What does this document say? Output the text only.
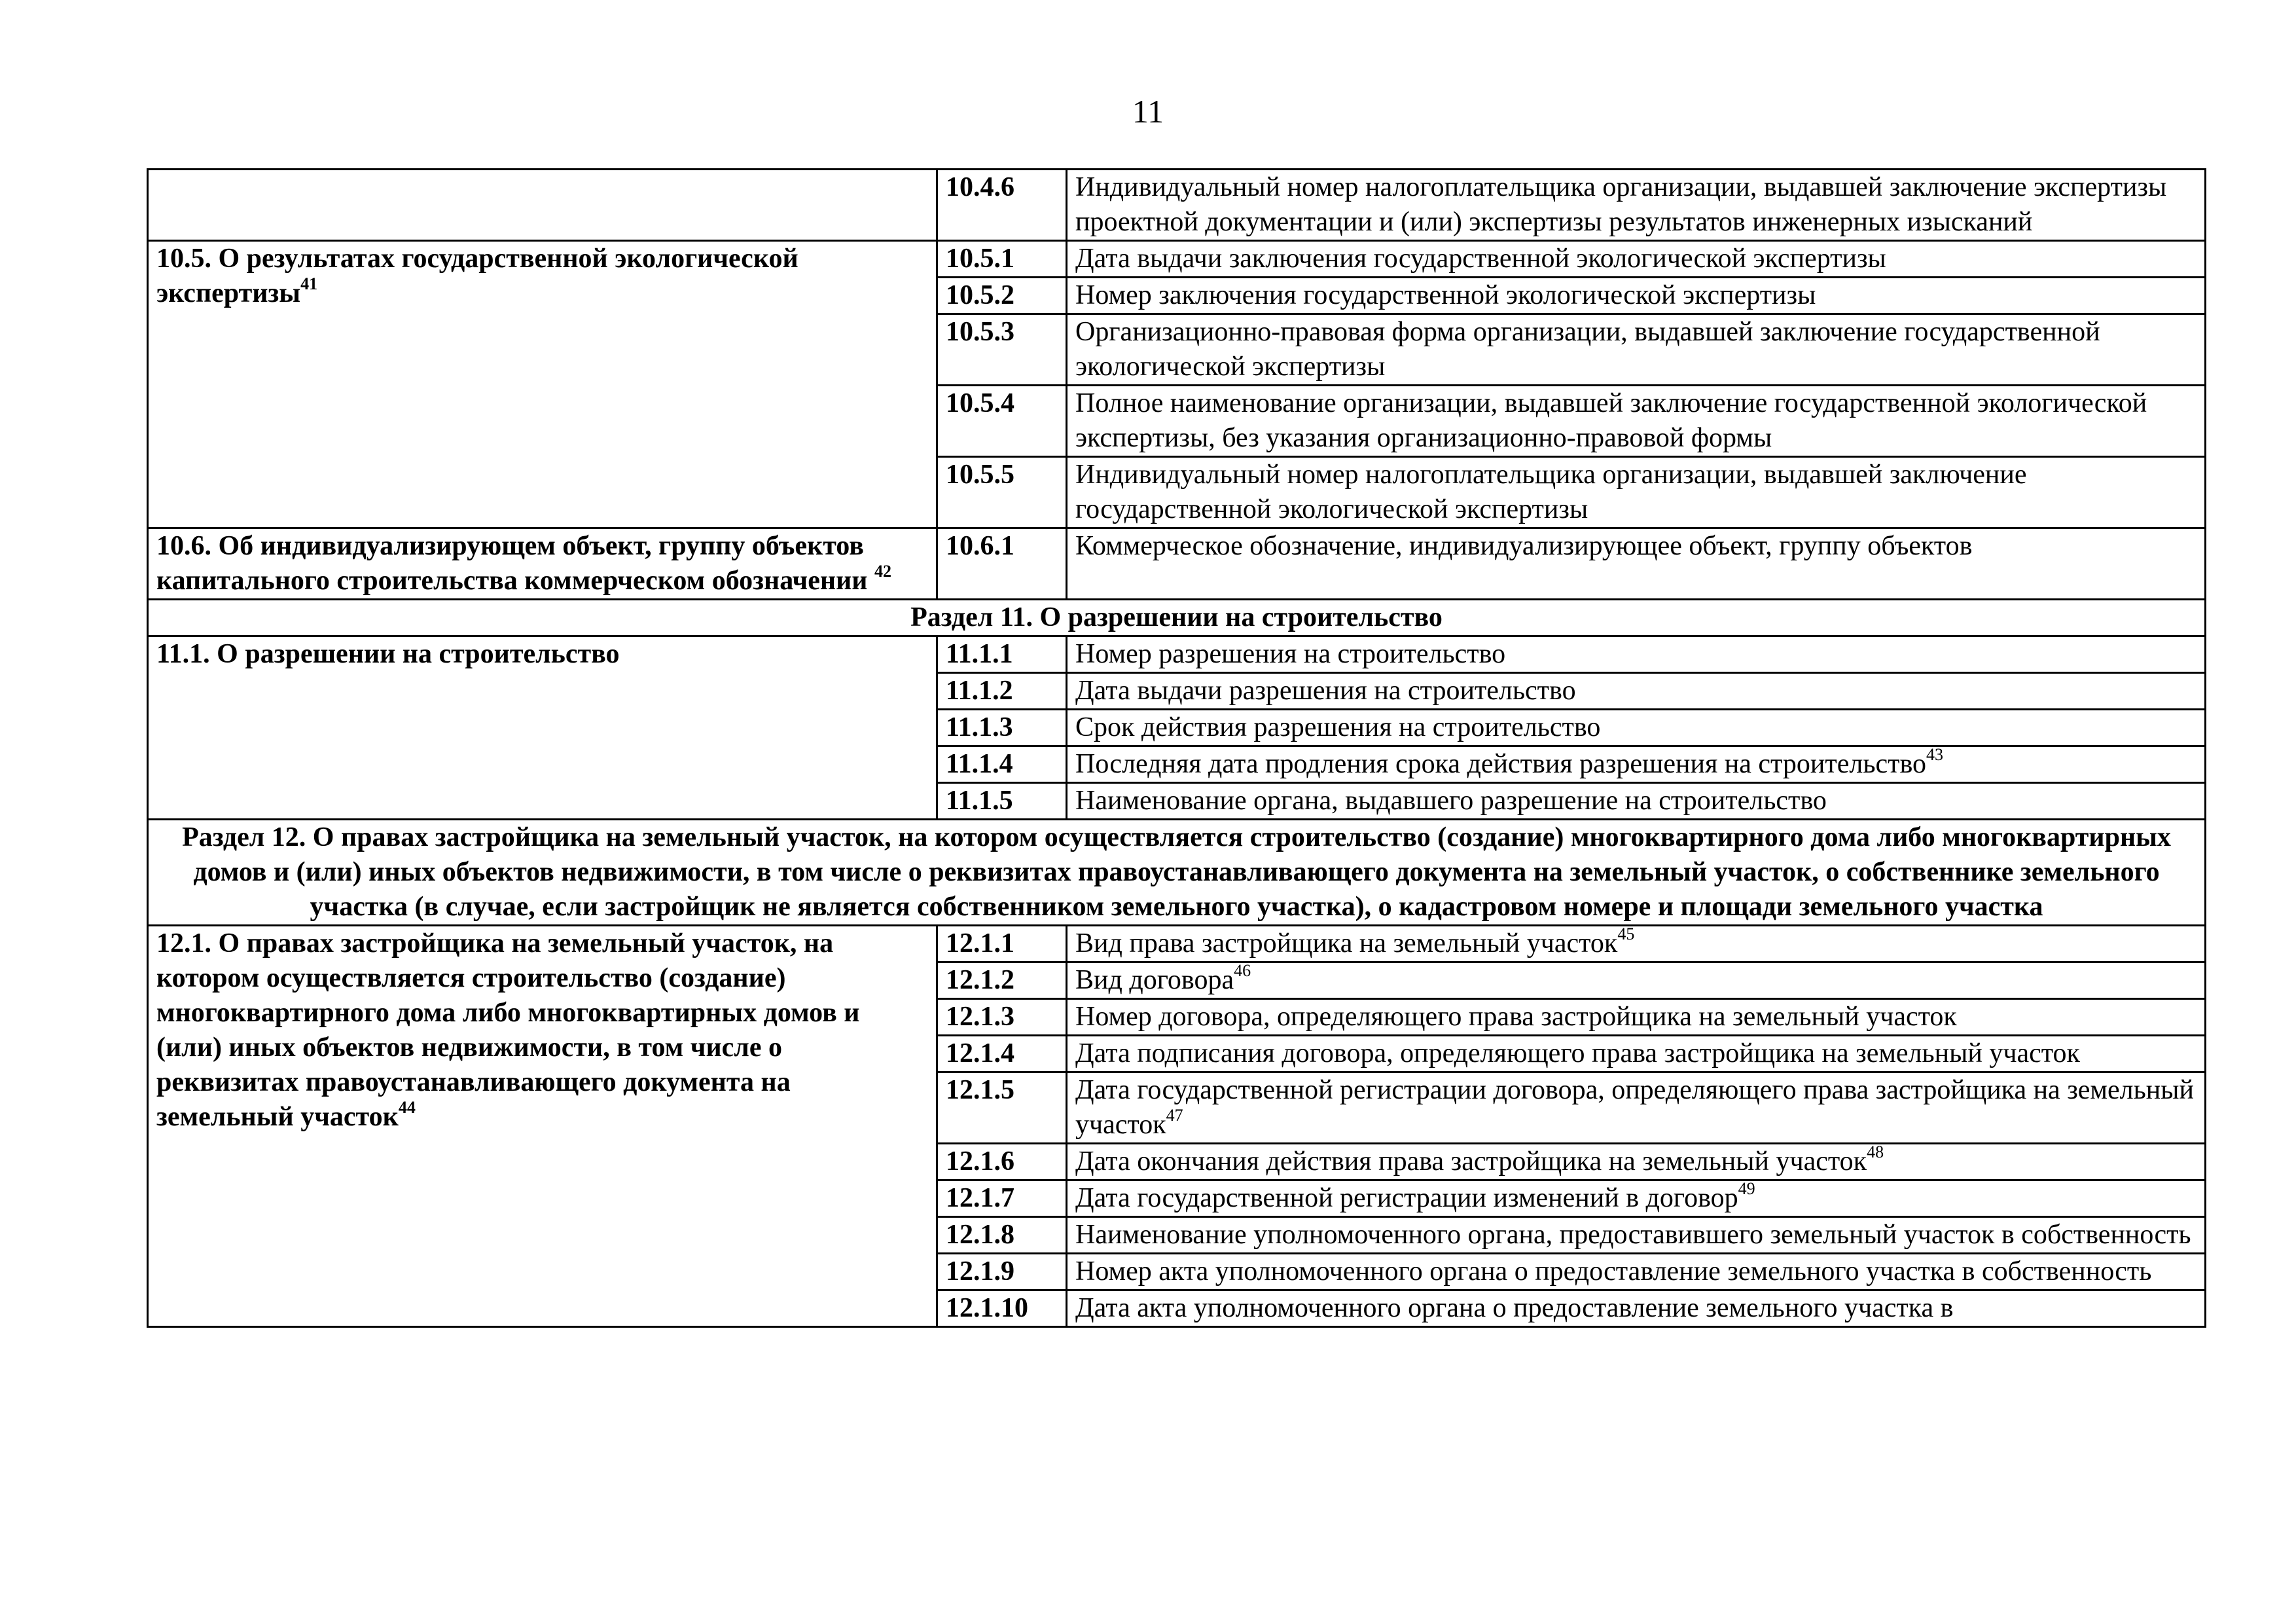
11
	10.4.6	Индивидуальный номер налогоплательщика организации, выдавшей заключение экспертизы проектной документации и (или) экспертизы результатов инженерных изысканий
10.5. О результатах государственной экологической экспертизы$^{41}$	10.5.1	Дата выдачи заключения государственной экологической экспертизы
	10.5.2	Номер заключения государственной экологической экспертизы
	10.5.3	Организационно-правовая форма организации, выдавшей заключение государственной экологической экспертизы
	10.5.4	Полное наименование организации, выдавшей заключение государственной экологической экспертизы, без указания организационно-правовой формы
	10.5.5	Индивидуальный номер налогоплательщика организации, выдавшей заключение государственной экологической экспертизы
10.6. Об индивидуализирующем объект, группу объектов капитального строительства коммерческом обозначении $^{42}$	10.6.1	Коммерческое обозначение, индивидуализирующее объект, группу объектов
Раздел 11. О разрешении на строительство		
11.1. О разрешении на строительство	11.1.1	Номер разрешения на строительство
	11.1.2	Дата выдачи разрешения на строительство
	11.1.3	Срок действия разрешения на строительство
	11.1.4	Последняя дата продления срока действия разрешения на строительство$^{43}$
	11.1.5	Наименование органа, выдавшего разрешение на строительство
Раздел 12. О правах застройщика на земельный участок, на котором осуществляется строительство (создание) многоквартирного дома либо многоквартирных домов и (или) иных объектов недвижимости, в том числе о реквизитах правоустанавливающего документа на земельный участок, о собственнике земельного участка (в случае, если застройщик не является собственником земельного участка), о кадастровом номере и площади земельного участка		
12.1. О правах застройщика на земельный участок, на котором осуществляется строительство (создание) многоквартирного дома либо многоквартирных домов и (или) иных объектов недвижимости, в том числе о реквизитах правоустанавливающего документа на земельный участок$^{44}$	12.1.1	Вид права застройщика на земельный участок$^{45}$
	12.1.2	Вид договора$^{46}$
	12.1.3	Номер договора, определяющего права застройщика на земельный участок
	12.1.4	Дата подписания договора, определяющего права застройщика на земельный участок
	12.1.5	Дата государственной регистрации договора, определяющего права застройщика на земельный участок$^{47}$
	12.1.6	Дата окончания действия права застройщика на земельный участок$^{48}$
	12.1.7	Дата государственной регистрации изменений в договор$^{49}$
	12.1.8	Наименование уполномоченного органа, предоставившего земельный участок в собственность
	12.1.9	Номер акта уполномоченного органа о предоставление земельного участка в собственность
	12.1.10	Дата акта уполномоченного органа о предоставление земельного участка в
